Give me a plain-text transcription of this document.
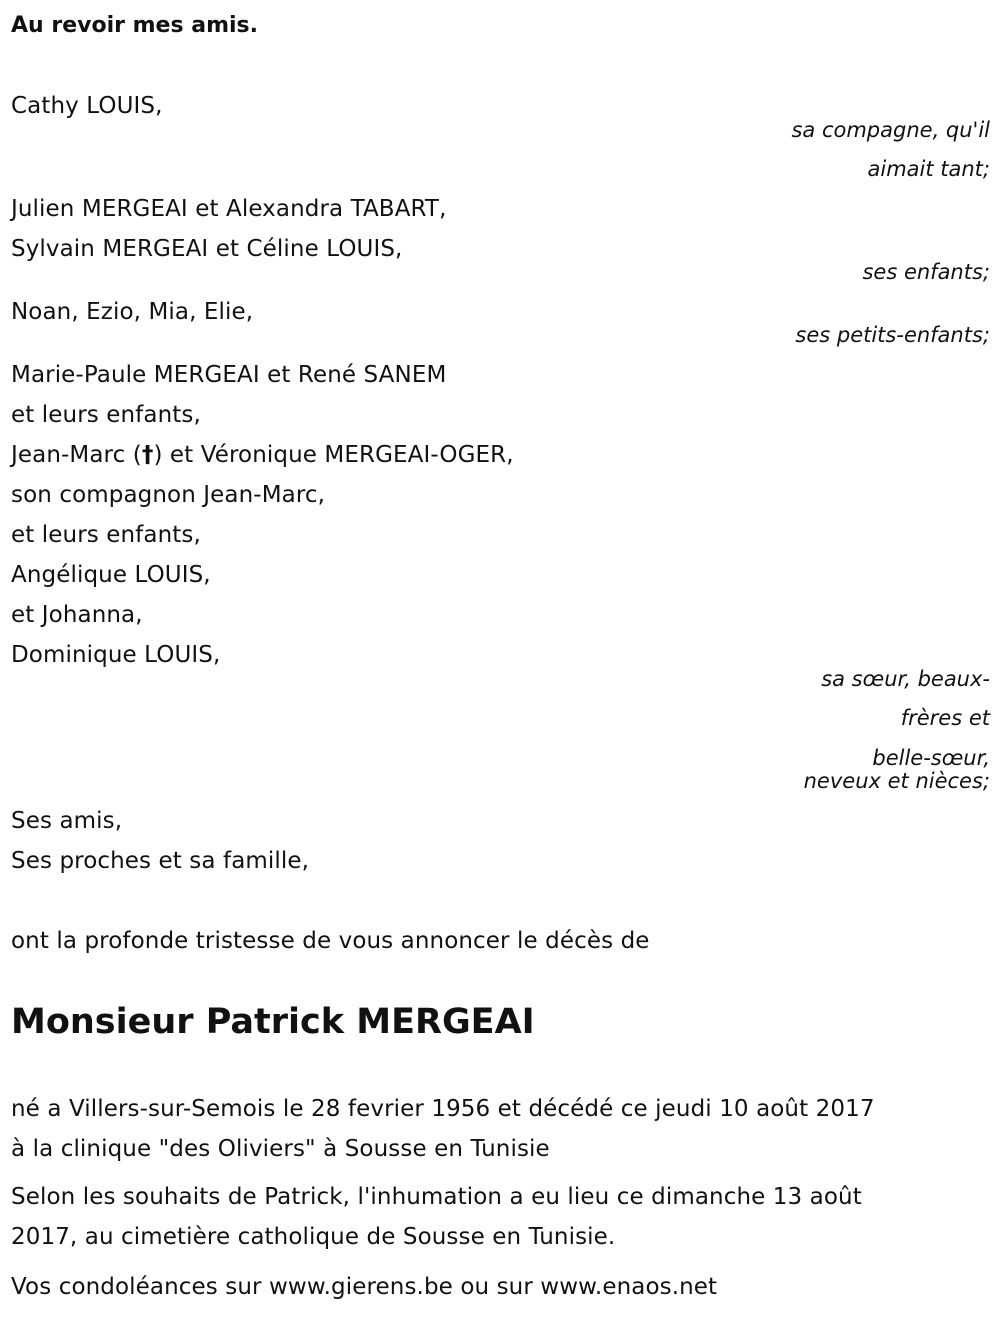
Au revoir mes amis.
Cathy LOUIS,
sa compagne, qu'il
aimait tant;
Julien MERGEAI et Alexandra TABART,
Sylvain MERGEAI et Céline LOUIS,
ses enfants;
Noan, Ezio, Mia, Elie,
ses petits-enfants;
Marie-Paule MERGEAI et René SANEM
et leurs enfants,
Jean-Marc (†) et Véronique MERGEAI-OGER,
son compagnon Jean-Marc,
et leurs enfants,
Angélique LOUIS,
et Johanna,
Dominique LOUIS,
sa sœur, beaux-
frères et
belle-sœur,
neveux et nièces;
Ses amis,
Ses proches et sa famille,
ont la profonde tristesse de vous annoncer le décès de
Monsieur Patrick MERGEAI
né a Villers-sur-Semois le 28 fevrier 1956 et décédé ce jeudi 10 août 2017
à la clinique "des Oliviers" à Sousse en Tunisie
Selon les souhaits de Patrick, l'inhumation a eu lieu ce dimanche 13 août
2017, au cimetière catholique de Sousse en Tunisie.
Vos condoléances sur www.gierens.be ou sur www.enaos.net
